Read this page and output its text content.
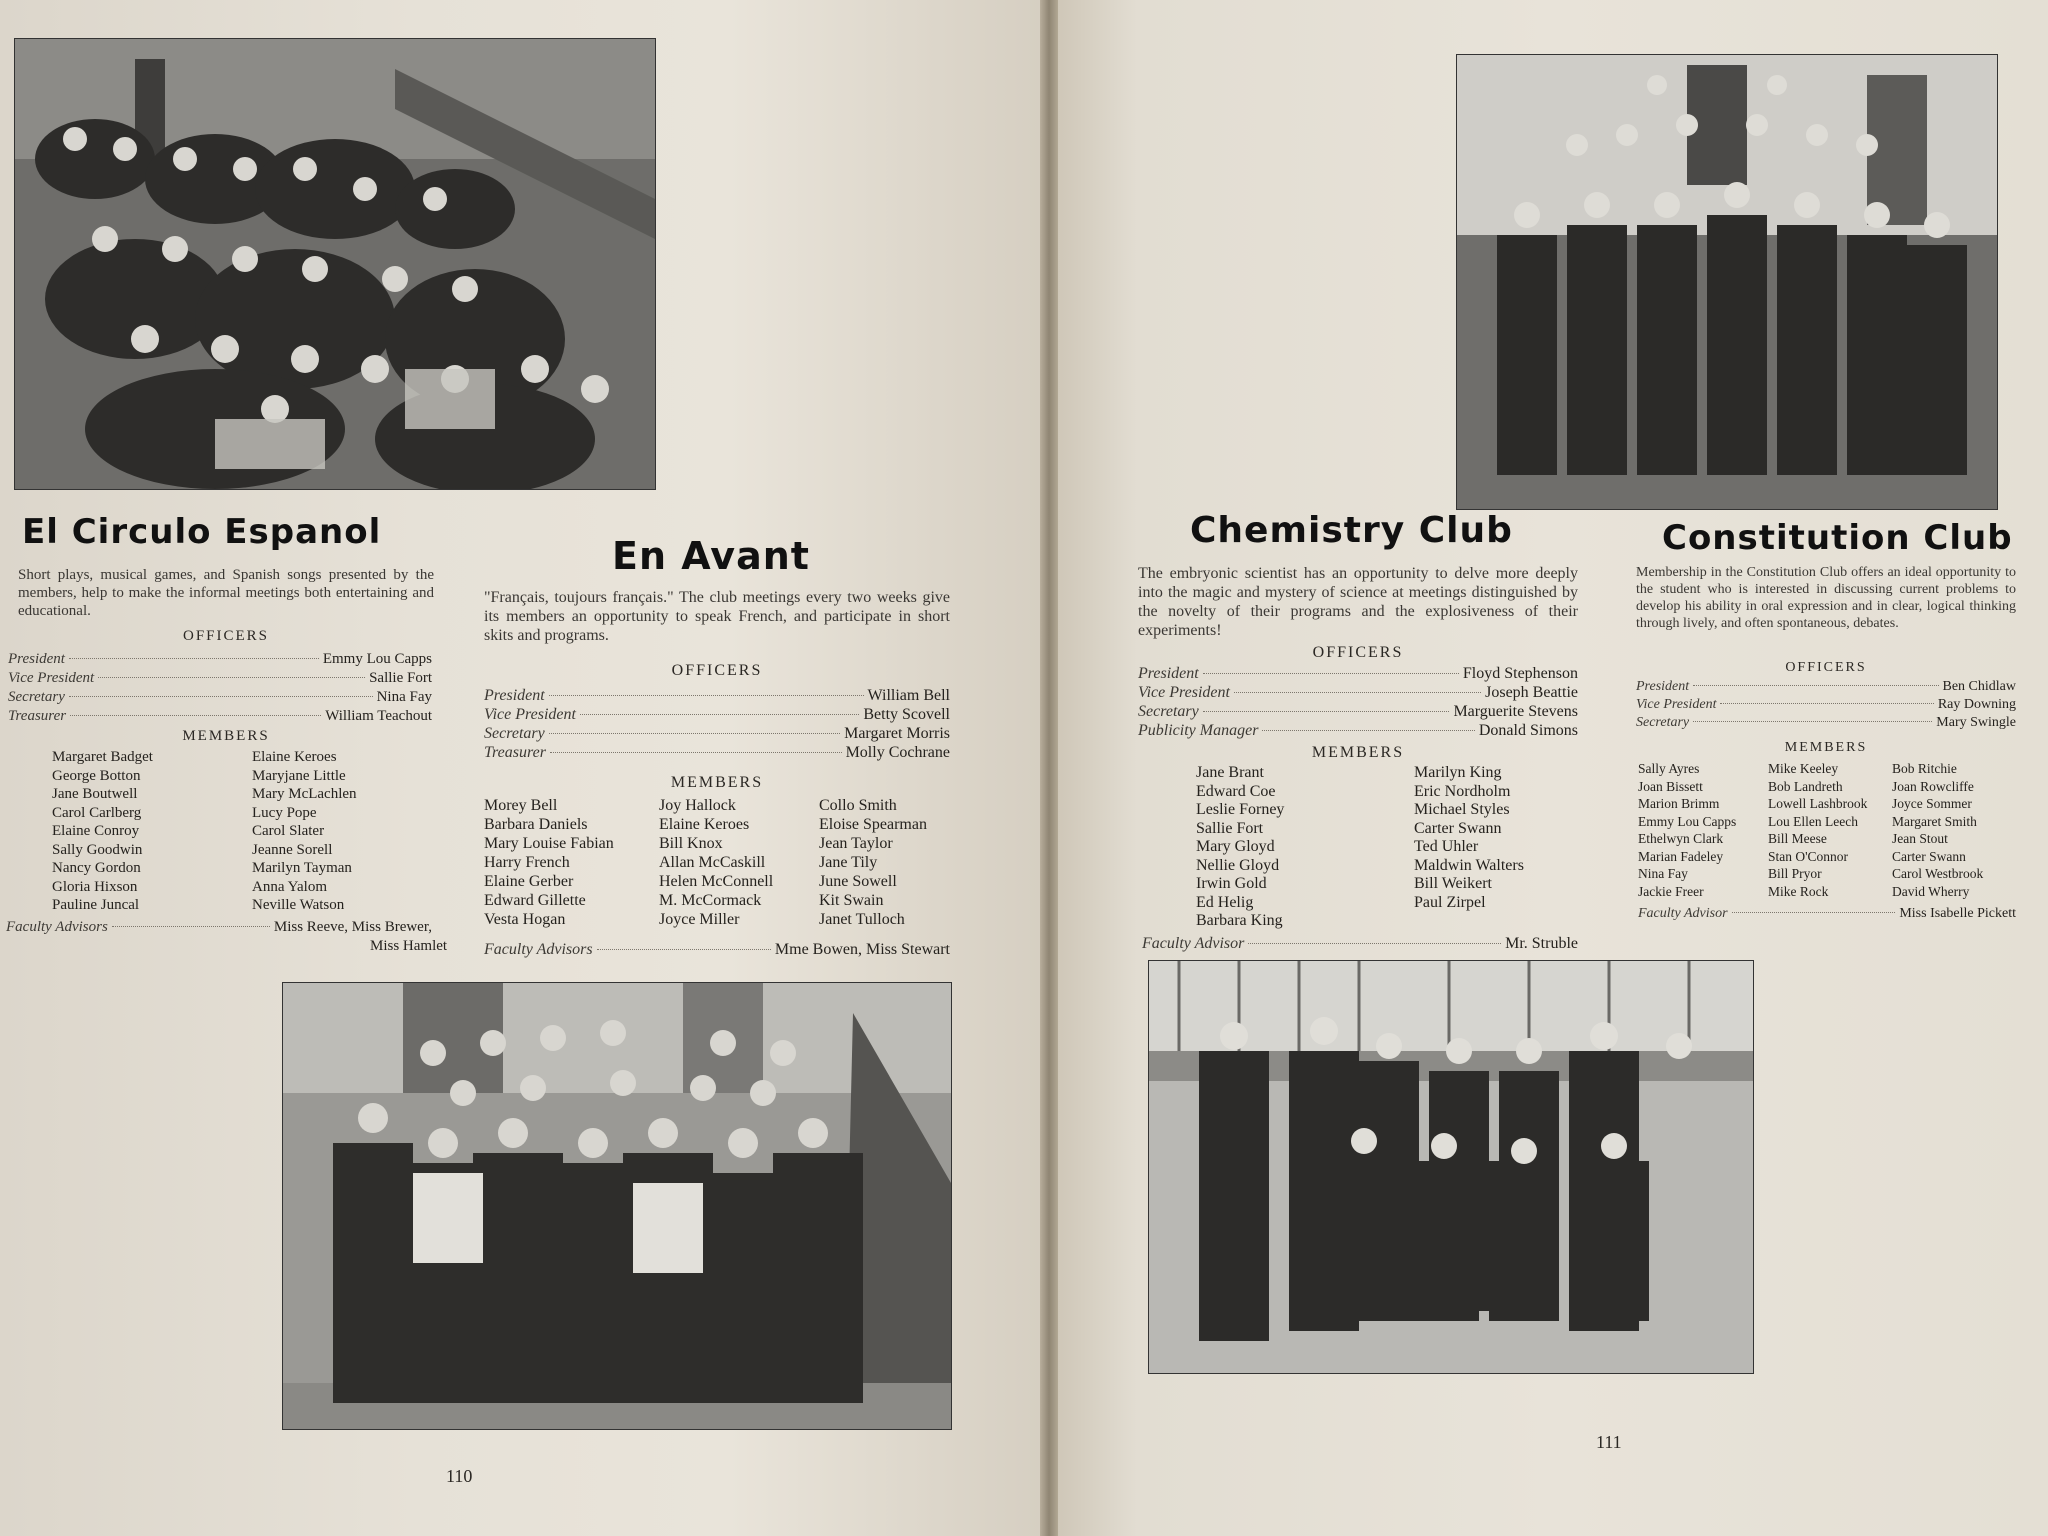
El Circulo Espanol
Short plays, musical games, and Spanish songs presented by the members, help to make the informal meetings both entertaining and educational.
OFFICERS
President	Emmy Lou Capps
Vice President	Sallie Fort
Secretary	Nina Fay
Treasurer	William Teachout
MEMBERS
Margaret Badget
George Botton
Jane Boutwell
Carol Carlberg
Elaine Conroy
Sally Goodwin
Nancy Gordon
Gloria Hixson
Pauline Juncal
Elaine Keroes
Maryjane Little
Mary McLachlen
Lucy Pope
Carol Slater
Jeanne Sorell
Marilyn Tayman
Anna Yalom
Neville Watson
Faculty Advisors	Miss Reeve, Miss Brewer,
Miss Hamlet
En Avant
"Français, toujours français." The club meetings every two weeks give its members an opportunity to speak French, and participate in short skits and programs.
OFFICERS
President	William Bell
Vice President	Betty Scovell
Secretary	Margaret Morris
Treasurer	Molly Cochrane
MEMBERS
Morey Bell
Barbara Daniels
Mary Louise Fabian
Harry French
Elaine Gerber
Edward Gillette
Vesta Hogan
Joy Hallock
Elaine Keroes
Bill Knox
Allan McCaskill
Helen McConnell
M. McCormack
Joyce Miller
Collo Smith
Eloise Spearman
Jean Taylor
Jane Tily
June Sowell
Kit Swain
Janet Tulloch
Faculty Advisors	Mme Bowen, Miss Stewart
110
Chemistry Club
The embryonic scientist has an opportunity to delve more deeply into the magic and mystery of science at meetings distinguished by the novelty of their programs and the explosiveness of their experiments!
OFFICERS
President	Floyd Stephenson
Vice President	Joseph Beattie
Secretary	Marguerite Stevens
Publicity Manager	Donald Simons
MEMBERS
Jane Brant
Edward Coe
Leslie Forney
Sallie Fort
Mary Gloyd
Nellie Gloyd
Irwin Gold
Ed Helig
Barbara King
Marilyn King
Eric Nordholm
Michael Styles
Carter Swann
Ted Uhler
Maldwin Walters
Bill Weikert
Paul Zirpel
Faculty Advisor	Mr. Struble
Constitution Club
Membership in the Constitution Club offers an ideal opportunity to the student who is interested in discussing current problems to develop his ability in oral expression and in clear, logical thinking through lively, and often spontaneous, debates.
OFFICERS
President	Ben Chidlaw
Vice President	Ray Downing
Secretary	Mary Swingle
MEMBERS
Sally Ayres
Joan Bissett
Marion Brimm
Emmy Lou Capps
Ethelwyn Clark
Marian Fadeley
Nina Fay
Jackie Freer
Mike Keeley
Bob Landreth
Lowell Lashbrook
Lou Ellen Leech
Bill Meese
Stan O'Connor
Bill Pryor
Mike Rock
Bob Ritchie
Joan Rowcliffe
Joyce Sommer
Margaret Smith
Jean Stout
Carter Swann
Carol Westbrook
David Wherry
Faculty Advisor	Miss Isabelle Pickett
111
